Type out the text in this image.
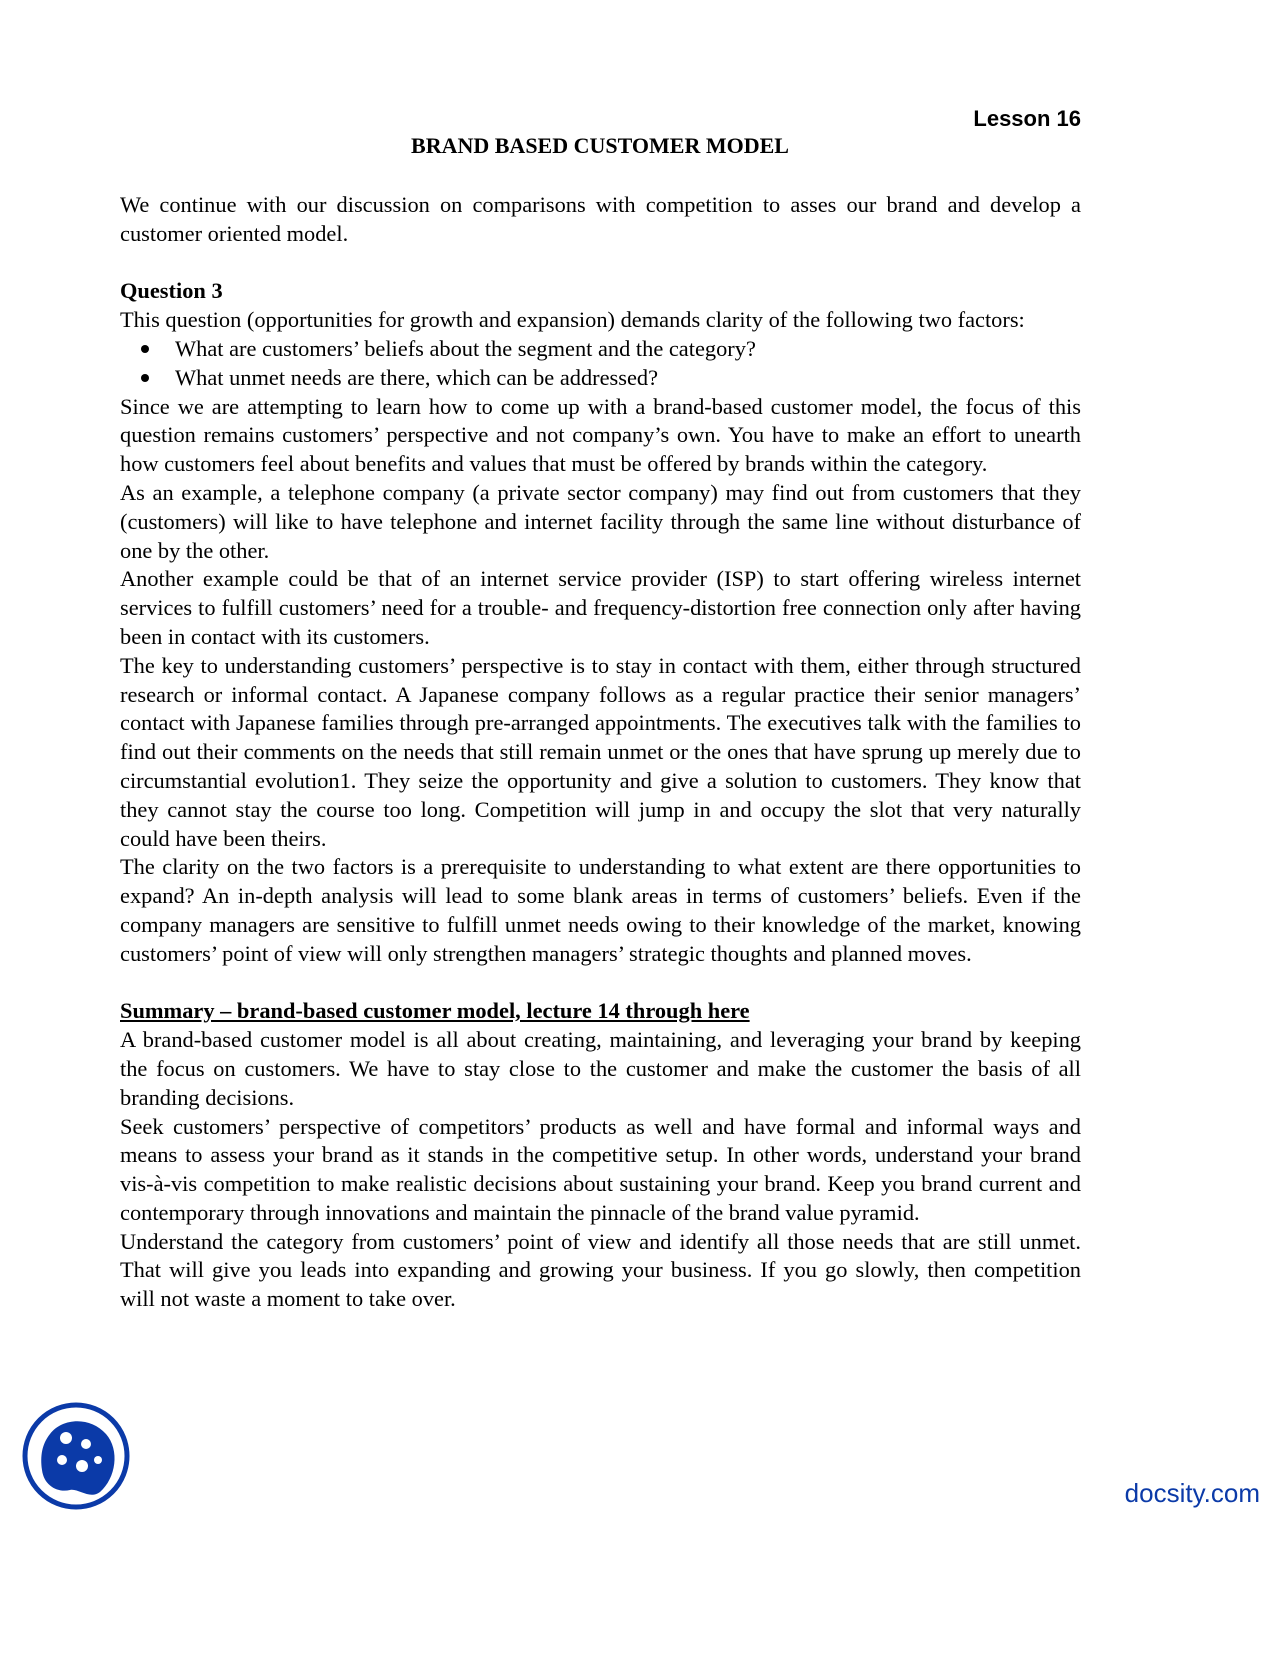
Lesson 16
BRAND BASED CUSTOMER MODEL

We continue with our discussion on comparisons with competition to asses our brand and develop a customer oriented model.

Question 3

This question (opportunities for growth and expansion) demands clarity of the following two factors:

What are customers’ beliefs about the segment and the category?
What unmet needs are there, which can be addressed?

Since we are attempting to learn how to come up with a brand-based customer model, the focus of this question remains customers’ perspective and not company’s own. You have to make an effort to unearth how customers feel about benefits and values that must be offered by brands within the category.

As an example, a telephone company (a private sector company) may find out from customers that they (customers) will like to have telephone and internet facility through the same line without disturbance of one by the other.

Another example could be that of an internet service provider (ISP) to start offering wireless internet services to fulfill customers’ need for a trouble- and frequency-distortion free connection only after having been in contact with its customers.

The key to understanding customers’ perspective is to stay in contact with them, either through structured research or informal contact. A Japanese company follows as a regular practice their senior managers’ contact with Japanese families through pre-arranged appointments. The executives talk with the families to find out their comments on the needs that still remain unmet or the ones that have sprung up merely due to circumstantial evolution1. They seize the opportunity and give a solution to customers. They know that they cannot stay the course too long. Competition will jump in and occupy the slot that very naturally could have been theirs.

The clarity on the two factors is a prerequisite to understanding to what extent are there opportunities to expand? An in-depth analysis will lead to some blank areas in terms of customers’ beliefs. Even if the company managers are sensitive to fulfill unmet needs owing to their knowledge of the market, knowing customers’ point of view will only strengthen managers’ strategic thoughts and planned moves.

Summary – brand-based customer model, lecture 14 through here

A brand-based customer model is all about creating, maintaining, and leveraging your brand by keeping the focus on customers. We have to stay close to the customer and make the customer the basis of all branding decisions.

Seek customers’ perspective of competitors’ products as well and have formal and informal ways and means to assess your brand as it stands in the competitive setup. In other words, understand your brand vis-à-vis competition to make realistic decisions about sustaining your brand. Keep you brand current and contemporary through innovations and maintain the pinnacle of the brand value pyramid.

Understand the category from customers’ point of view and identify all those needs that are still unmet. That will give you leads into expanding and growing your business. If you go slowly, then competition will not waste a moment to take over.

docsity.com
